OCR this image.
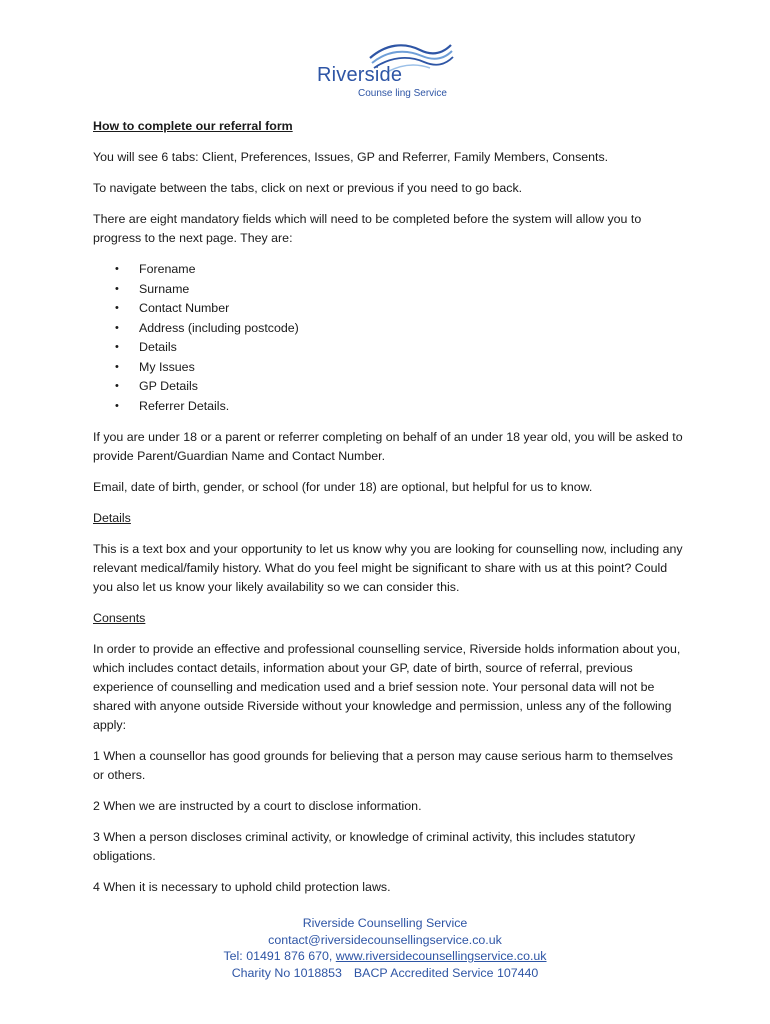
Riverside
Counse ling Service

How to complete our referral form

You will see 6 tabs: Client, Preferences, Issues, GP and Referrer, Family Members, Consents.

To navigate between the tabs, click on next or previous if you need to go back.

There are eight mandatory fields which will need to be completed before the system will allow you to progress to the next page. They are:

• Forename
• Surname
• Contact Number
• Address (including postcode)
• Details
• My Issues
• GP Details
• Referrer Details.

If you are under 18 or a parent or referrer completing on behalf of an under 18 year old, you will be asked to provide Parent/Guardian Name and Contact Number.

Email, date of birth, gender, or school (for under 18) are optional, but helpful for us to know.

Details

This is a text box and your opportunity to let us know why you are looking for counselling now, including any relevant medical/family history. What do you feel might be significant to share with us at this point? Could you also let us know your likely availability so we can consider this.

Consents

In order to provide an effective and professional counselling service, Riverside holds information about you, which includes contact details, information about your GP, date of birth, source of referral, previous experience of counselling and medication used and a brief session note. Your personal data will not be shared with anyone outside Riverside without your knowledge and permission, unless any of the following apply:

1 When a counsellor has good grounds for believing that a person may cause serious harm to themselves or others.

2 When we are instructed by a court to disclose information.

3 When a person discloses criminal activity, or knowledge of criminal activity, this includes statutory obligations.

4 When it is necessary to uphold child protection laws.

Riverside Counselling Service
contact@riversidecounsellingservice.co.uk
Tel: 01491 876 670, www.riversidecounsellingservice.co.uk
Charity No 1018853 BACP Accredited Service 107440
